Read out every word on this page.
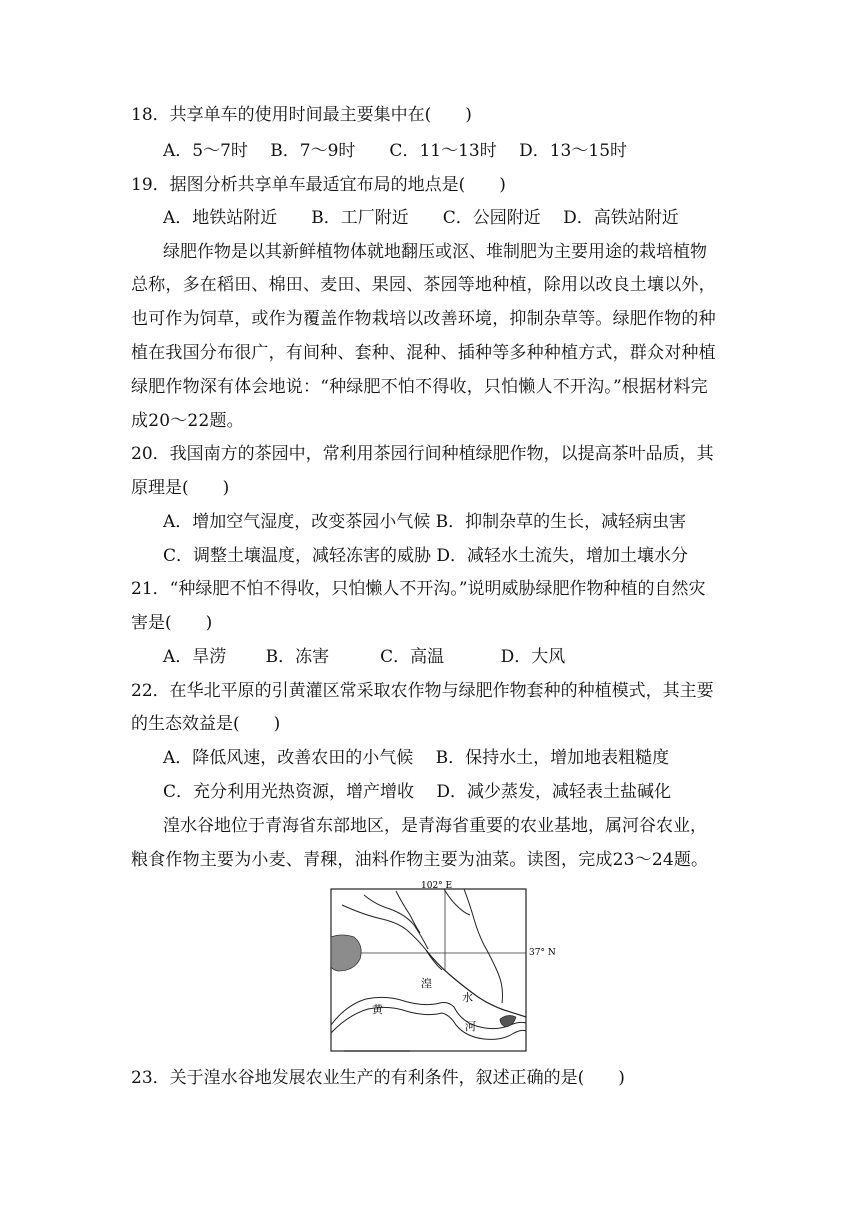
18．共享单车的使用时间最主要集中在(　　)
A．5～7时　 B．7～9时　　C．11～13时　 D．13～15时
19．据图分析共享单车最适宜布局的地点是(　　)
A．地铁站附近　　B．工厂附近　　C．公园附近　 D．高铁站附近
绿肥作物是以其新鲜植物体就地翻压或沤、堆制肥为主要用途的栽培植物
总称，多在稻田、棉田、麦田、果园、茶园等地种植，除用以改良土壤以外，
也可作为饲草，或作为覆盖作物栽培以改善环境，抑制杂草等。绿肥作物的种
植在我国分布很广，有间种、套种、混种、插种等多种种植方式，群众对种植
绿肥作物深有体会地说：“种绿肥不怕不得收，只怕懒人不开沟。”根据材料完
成20～22题。
20．我国南方的茶园中，常利用茶园行间种植绿肥作物，以提高茶叶品质，其
原理是(　　)
A．增加空气湿度，改变茶园小气候 B．抑制杂草的生长，减轻病虫害
C．调整土壤温度，减轻冻害的威胁 D．减轻水土流失，增加土壤水分
21．“种绿肥不怕不得收，只怕懒人不开沟。”说明威胁绿肥作物种植的自然灾
害是(　　)
A．旱涝　　 B．冻害　　　C．高温　　　 D．大风
22．在华北平原的引黄灌区常采取农作物与绿肥作物套种的种植模式，其主要
的生态效益是(　　)
A．降低风速，改善农田的小气候　 B．保持水土，增加地表粗糙度
C．充分利用光热资源，增产增收　 D．减少蒸发，减轻表土盐碱化
湟水谷地位于青海省东部地区，是青海省重要的农业基地，属河谷农业，
粮食作物主要为小麦、青稞，油料作物主要为油菜。读图，完成23～24题。
102° E
37° N
湟
水
黄
河
23．关于湟水谷地发展农业生产的有利条件，叙述正确的是(　　)
